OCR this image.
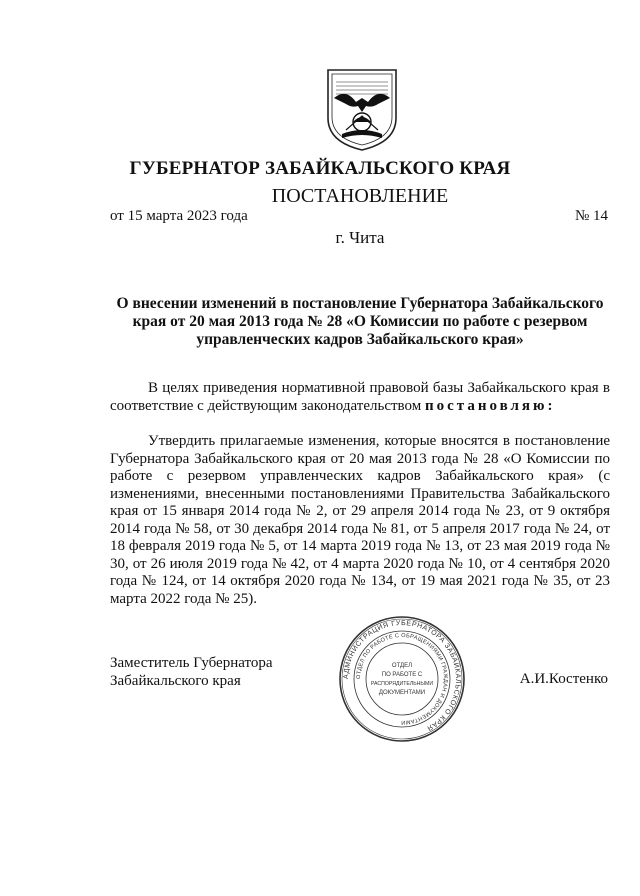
ГУБЕРНАТОР ЗАБАЙКАЛЬСКОГО КРАЯ
ПОСТАНОВЛЕНИЕ
от 15 марта 2023 года	№ 14
г. Чита
О внесении изменений в постановление Губернатора Забайкальского края от 20 мая 2013 года № 28 «О Комиссии по работе с резервом управленческих кадров Забайкальского края»
В целях приведения нормативной правовой базы Забайкальского края в соответствие с действующим законодательством постановляю:
Утвердить прилагаемые изменения, которые вносятся в постановление Губернатора Забайкальского края от 20 мая 2013 года № 28 «О Комиссии по работе с резервом управленческих кадров Забайкальского края» (с изменениями, внесенными постановлениями Правительства Забайкальского края от 15 января 2014 года № 2, от 29 апреля 2014 года № 23, от 9 октября 2014 года № 58, от 30 декабря 2014 года № 81, от 5 апреля 2017 года № 24, от 18 февраля 2019 года № 5, от 14 марта 2019 года № 13, от 23 мая 2019 года № 30, от 26 июля 2019 года № 42, от 4 марта 2020 года № 10, от 4 сентября 2020 года № 124, от 14 октября 2020 года № 134, от 19 мая 2021 года № 35, от 23 марта 2022 года № 25).
Заместитель Губернатора
Забайкальского края	А.И.Костенко
АДМИНИСТРАЦИЯ ГУБЕРНАТОРА ЗАБАЙКАЛЬСКОГО КРАЯ
ОТДЕЛ ПО РАБОТЕ С ОБРАЩЕНИЯМИ ГРАЖДАН И ДОКУМЕНТАМИ
ОТДЕЛ
ПО РАБОТЕ С
РАСПОРЯДИТЕЛЬНЫМИ
ДОКУМЕНТАМИ
